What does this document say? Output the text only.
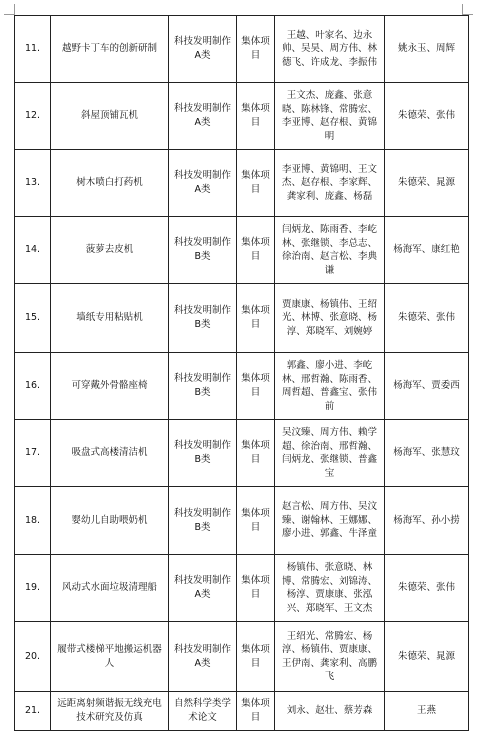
11.	越野卡丁车的创新研制	科技发明制作A类	集体项目	王越、叶家名、边永帅、吴昊、周方伟、林德飞、许成龙、李振伟	姚永玉、周辉
12.	斜屋顶铺瓦机	科技发明制作A类	集体项目	王文杰、庞鑫、张意晓、陈林锋、常腾宏、李亚博、赵存根、黄锦明	朱德荣、张伟
13.	树木喷白打药机	科技发明制作A类	集体项目	李亚博、黄锦明、王文杰、赵存根、李家辉、龚家利、庞鑫、杨磊	朱德荣、晁源
14.	菠萝去皮机	科技发明制作B类	集体项目	闫炳龙、陈雨香、李屹林、张继锁、李总志、徐治南、赵言松、李典谦	杨海军、康红艳
15.	墙纸专用粘贴机	科技发明制作B类	集体项目	贾康康、杨镇伟、王绍光、林博、张意晓、杨淳、郑晓军、刘婉婷	朱德荣、张伟
16.	可穿戴外骨骼座椅	科技发明制作B类	集体项目	郭鑫、廖小进、李屹林、邢哲瀚、陈雨香、周哲超、普鑫宝、张伟前	杨海军、贾委西
17.	吸盘式高楼清洁机	科技发明制作B类	集体项目	吴汶臻、周方伟、赖学超、徐治南、邢哲瀚、闫炳龙、张继锁、普鑫宝	杨海军、张慧玟
18.	婴幼儿自助喂奶机	科技发明制作B类	集体项目	赵言松、周方伟、吴汶臻、谢翰林、王娜娜、廖小进、郭鑫、牛泽童	杨海军、孙小捞
19.	风动式水面垃圾清理船	科技发明制作A类	集体项目	杨镇伟、张意晓、林博、常腾宏、刘锦涛、杨淳、贾康康、张泓兴、郑晓军、王文杰	朱德荣、张伟
20.	履带式楼梯平地搬运机器人	科技发明制作A类	集体项目	王绍光、常腾宏、杨淳、杨镇伟、贾康康、王伊南、龚家利、高鹏飞	朱德荣、晁源
21.	远距离射频谐振无线充电技术研究及仿真	自然科学类学术论文	集体项目	刘永、赵壮、蔡芳森	王燕
